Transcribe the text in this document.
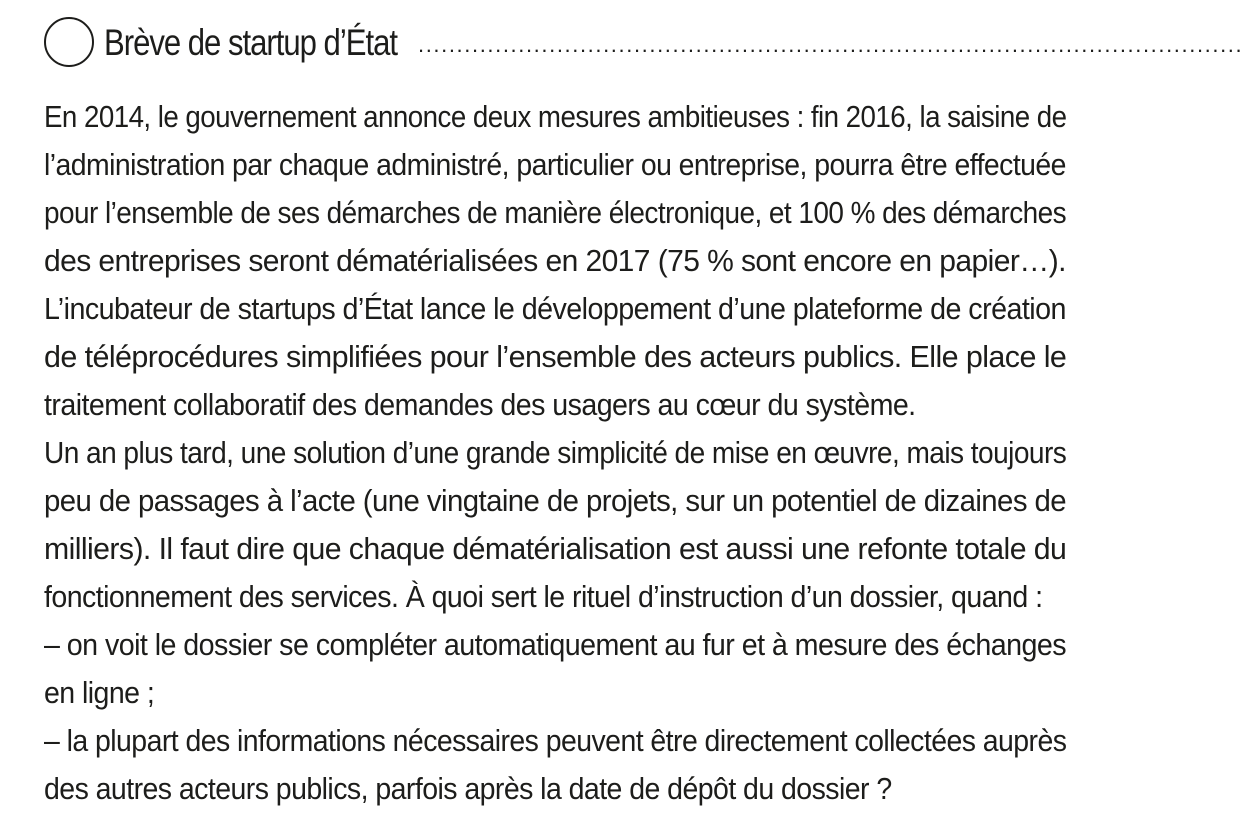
Brève de startup d’État ...........................................................................................................
En 2014, le gouvernement annonce deux mesures ambitieuses : fin 2016, la saisine de
l’administration par chaque administré, particulier ou entreprise, pourra être effectuée
pour l’ensemble de ses démarches de manière électronique, et 100 % des démarches
des entreprises seront dématérialisées en 2017 (75 % sont encore en papier…).
L’incubateur de startups d’État lance le développement d’une plateforme de création
de téléprocédures simplifiées pour l’ensemble des acteurs publics. Elle place le
traitement collaboratif des demandes des usagers au cœur du système.
Un an plus tard, une solution d’une grande simplicité de mise en œuvre, mais toujours
peu de passages à l’acte (une vingtaine de projets, sur un potentiel de dizaines de
milliers). Il faut dire que chaque dématérialisation est aussi une refonte totale du
fonctionnement des services. À quoi sert le rituel d’instruction d’un dossier, quand :
– on voit le dossier se compléter automatiquement au fur et à mesure des échanges
en ligne ;
– la plupart des informations nécessaires peuvent être directement collectées auprès
des autres acteurs publics, parfois après la date de dépôt du dossier ?
